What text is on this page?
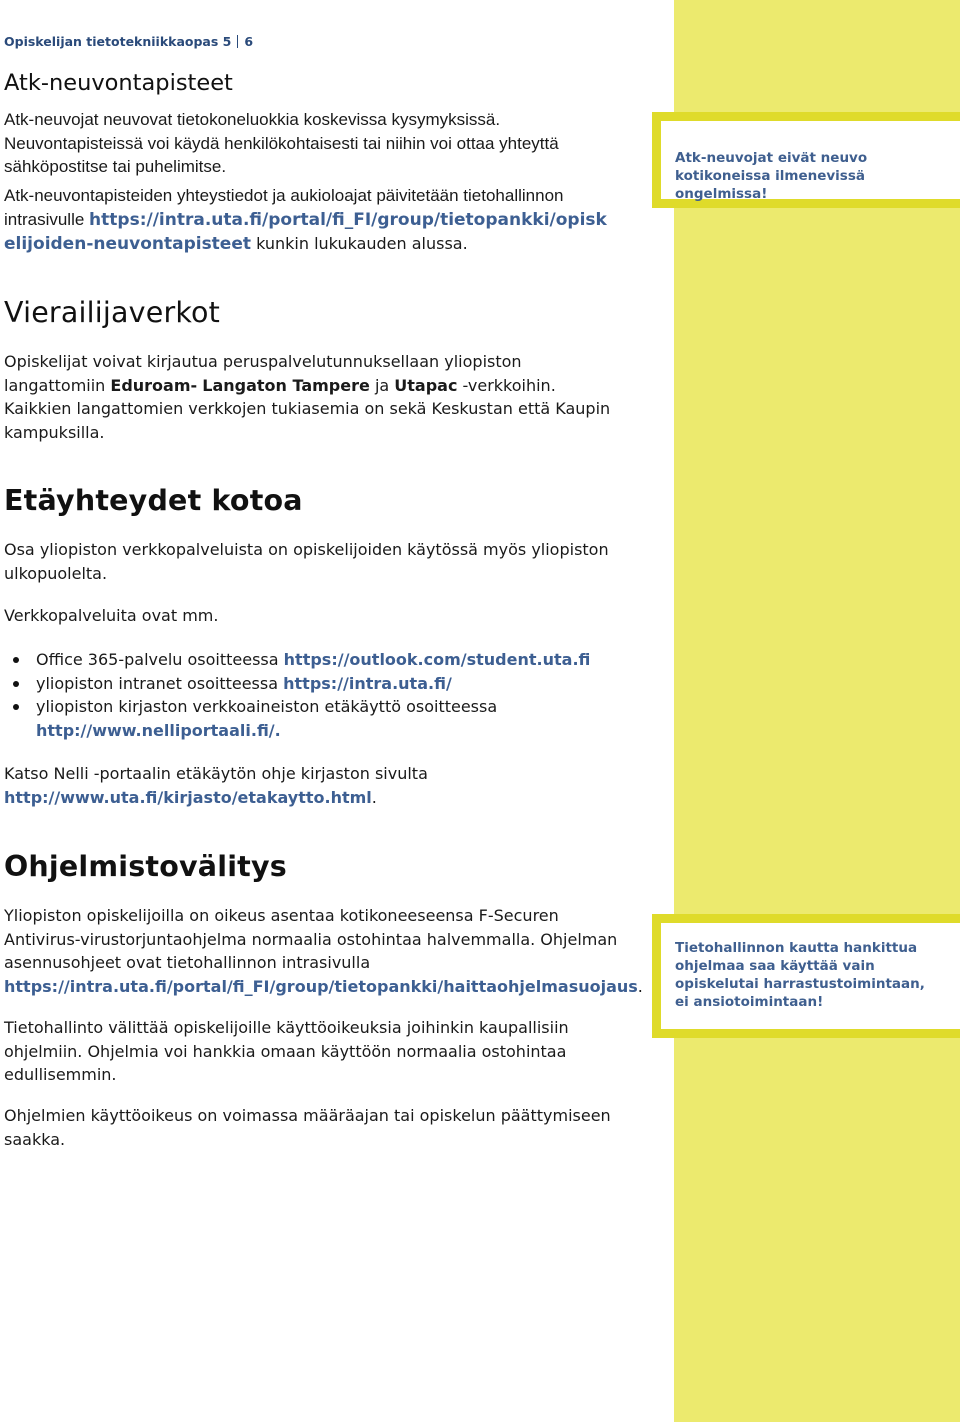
Opiskelijan tietotekniikkaopas 5 6
Atk-neuvontapisteet

Atk-neuvojat neuvovat tietokoneluokkia koskevissa kysymyksissä. Neuvontapisteissä voi käydä henkilökohtaisesti tai niihin voi ottaa yhteyttä sähköpostitse tai puhelimitse.

Atk-neuvontapisteiden yhteystiedot ja aukioloajat päivitetään tietohallinnon intrasivulle https://intra.uta.fi/portal/fi_FI/group/tietopankki/opiskelijoiden-neuvontapisteet kunkin lukukauden alussa.

Atk-neuvojat eivät neuvo kotikoneissa ilmenevissä ongelmissa!
Vierailijaverkot

Opiskelijat voivat kirjautua peruspalvelutunnuksellaan yliopiston langattomiin Eduroam- Langaton Tampere ja Utapac -verkkoihin. Kaikkien langattomien verkkojen tukiasemia on sekä Keskustan että Kaupin kampuksilla.

Etäyhteydet kotoa

Osa yliopiston verkkopalveluista on opiskelijoiden käytössä myös yliopiston ulkopuolelta.

Verkkopalveluita ovat mm.

Office 365-palvelu osoitteessa https://outlook.com/student.uta.fi
yliopiston intranet osoitteessa https://intra.uta.fi/
yliopiston kirjaston verkkoaineiston etäkäyttö osoitteessa http://www.nelliportaali.fi/.

Katso Nelli -portaalin etäkäytön ohje kirjaston sivulta
http://www.uta.fi/kirjasto/etakaytto.html.

Ohjelmistovälitys

Yliopiston opiskelijoilla on oikeus asentaa kotikoneeseensa F-Securen Antivirus-virustorjuntaohjelma normaalia ostohintaa halvemmalla. Ohjelman asennusohjeet ovat tietohallinnon intrasivulla https://intra.uta.fi/portal/fi_FI/group/tietopankki/haittaohjelmasuojaus.

Tietohallinto välittää opiskelijoille käyttöoikeuksia joihinkin kaupallisiin ohjelmiin. Ohjelmia voi hankkia omaan käyttöön normaalia ostohintaa edullisemmin.

Ohjelmien käyttöoikeus on voimassa määräajan tai opiskelun päättymiseen saakka.

Tietohallinnon kautta hankittua ohjelmaa saa käyttää vain opiskelutai harrastustoimintaan, ei ansiotoimintaan!
